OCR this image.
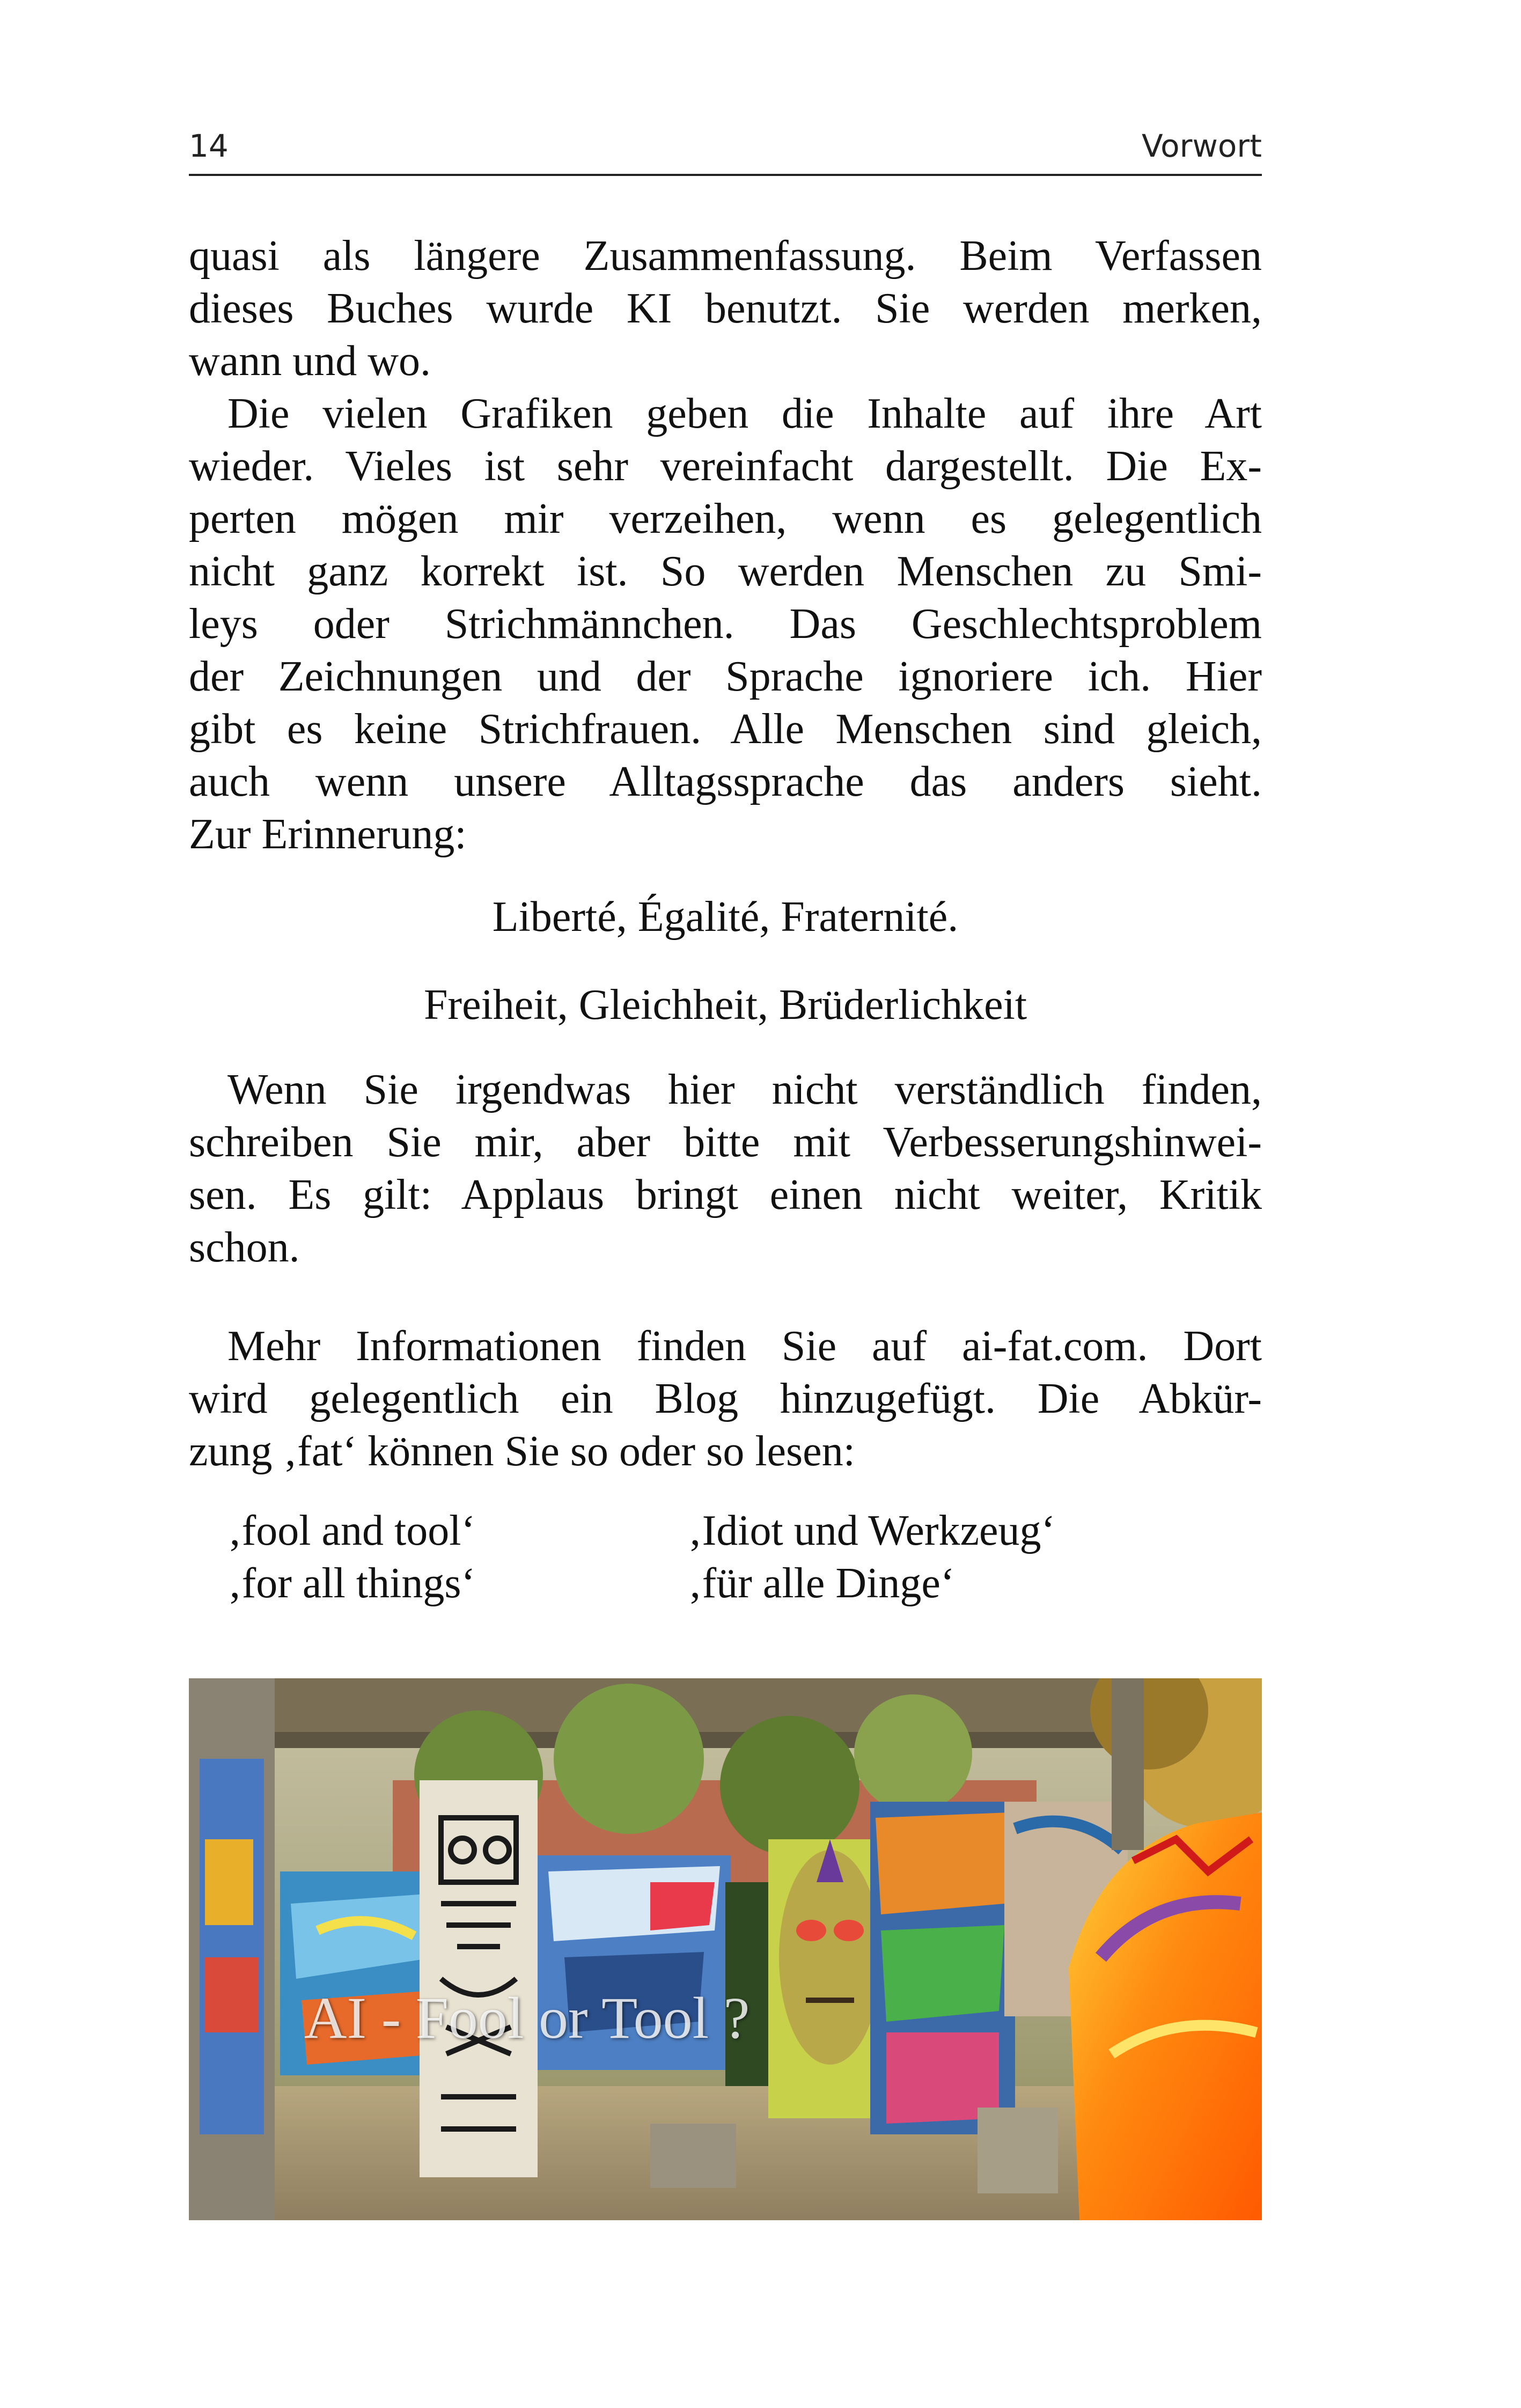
14	Vorwort

quasi als längere Zusammenfassung. Beim Verfassen
dieses Buches wurde KI benutzt. Sie werden merken,
wann und wo.

Die vielen Grafiken geben die Inhalte auf ihre Art
wieder. Vieles ist sehr vereinfacht dargestellt. Die Ex-
perten mögen mir verzeihen, wenn es gelegentlich
nicht ganz korrekt ist. So werden Menschen zu Smi-
leys oder Strichmännchen. Das Geschlechtsproblem
der Zeichnungen und der Sprache ignoriere ich. Hier
gibt es keine Strichfrauen. Alle Menschen sind gleich,
auch wenn unsere Alltagssprache das anders sieht.
Zur Erinnerung:

Liberté, Égalité, Fraternité.
Freiheit, Gleichheit, Brüderlichkeit

Wenn Sie irgendwas hier nicht verständlich finden,
schreiben Sie mir, aber bitte mit Verbesserungshinwei-
sen. Es gilt: Applaus bringt einen nicht weiter, Kritik
schon.

Mehr Informationen finden Sie auf ai-fat.com. Dort
wird gelegentlich ein Blog hinzugefügt. Die Abkür-
zung ‚fat‘ können Sie so oder so lesen:

‚fool and tool‘	‚Idiot und Werkzeug‘
‚for all things‘	‚für alle Dinge‘
AI - Fool or Tool ?
